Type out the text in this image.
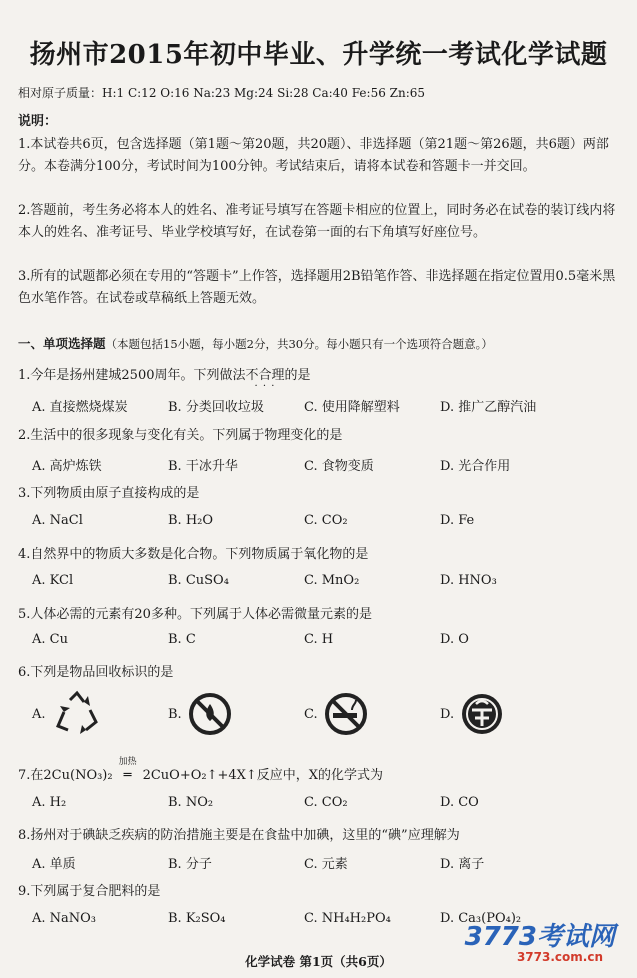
扬州市2015年初中毕业、升学统一考试化学试题
相对原子质量：H:1 C:12 O:16 Na:23 Mg:24 Si:28 Ca:40 Fe:56 Zn:65
说明：
1.本试卷共6页，包含选择题（第1题～第20题，共20题）、非选择题（第21题～第26题，共6题）两部分。本卷满分100分，考试时间为100分钟。考试结束后，请将本试卷和答题卡一并交回。
2.答题前，考生务必将本人的姓名、准考证号填写在答题卡相应的位置上，同时务必在试卷的装订线内将本人的姓名、准考证号、毕业学校填写好，在试卷第一面的右下角填写好座位号。
3.所有的试题都必须在专用的“答题卡”上作答，选择题用2B铅笔作答、非选择题在指定位置用0.5毫米黑色水笔作答。在试卷或草稿纸上答题无效。
一、单项选择题（本题包括15小题，每小题2分，共30分。每小题只有一个选项符合题意。）
1.今年是扬州建城2500周年。下列做法不合理 · · ·的是
A. 直接燃烧煤炭	B. 分类回收垃圾	C. 使用降解塑料	D. 推广乙醇汽油
2.生活中的很多现象与变化有关。下列属于物理变化的是
A. 高炉炼铁	B. 干冰升华	C. 食物变质	D. 光合作用
3.下列物质由原子直接构成的是
A. NaCl	B. H₂O	C. CO₂	D. Fe
4.自然界中的物质大多数是化合物。下列物质属于氧化物的是
A. KCl	B. CuSO₄	C. MnO₂	D. HNO₃
5.人体必需的元素有20多种。下列属于人体必需微量元素的是
A. Cu	B. C	C. H	D. O
6.下列是物品回收标识的是
A.	B.	C.	D.
7.在2Cu(NO₃)₂
加热
═ 2CuO+O₂↑+4X↑反应中，X的化学式为
A. H₂	B. NO₂	C. CO₂	D. CO
8.扬州对于碘缺乏疾病的防治措施主要是在食盐中加碘，这里的“碘”应理解为
A. 单质	B. 分子	C. 元素	D. 离子
9.下列属于复合肥料的是
A. NaNO₃	B. K₂SO₄	C. NH₄H₂PO₄	D. Ca₃(PO₄)₂
化学试卷 第1页（共6页）
3773考试网
3773.com.cn
